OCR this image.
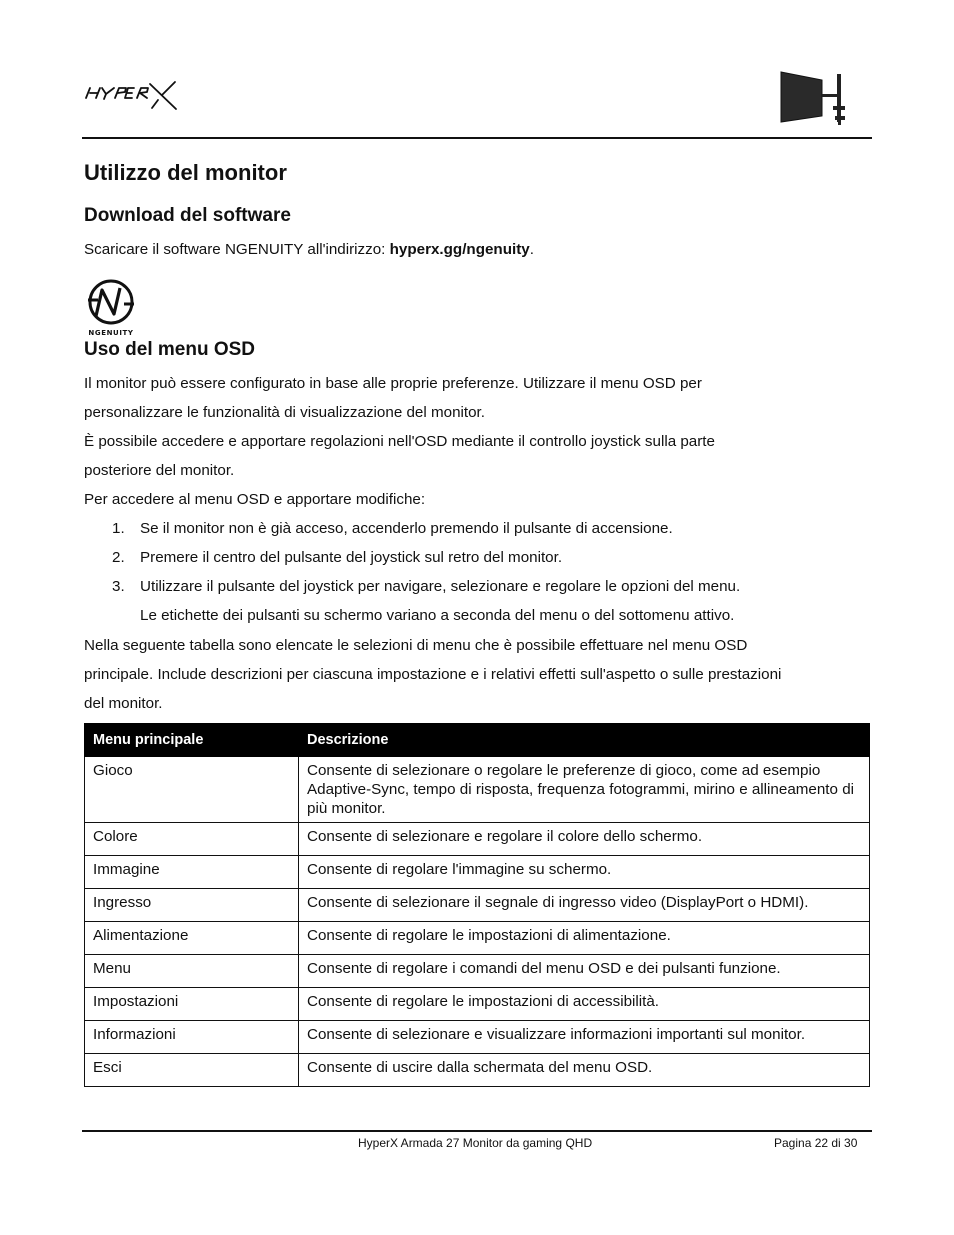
Utilizzo del monitor
Download del software

Scaricare il software NGENUITY all'indirizzo: hyperx.gg/ngenuity.

NGENUITY
Uso del menu OSD

Il monitor può essere configurato in base alle proprie preferenze. Utilizzare il menu OSD per
personalizzare le funzionalità di visualizzazione del monitor.
È possibile accedere e apportare regolazioni nell'OSD mediante il controllo joystick sulla parte
posteriore del monitor.
Per accedere al menu OSD e apportare modifiche:

1. Se il monitor non è già acceso, accenderlo premendo il pulsante di accensione.
2. Premere il centro del pulsante del joystick sul retro del monitor.
3. Utilizzare il pulsante del joystick per navigare, selezionare e regolare le opzioni del menu.
Le etichette dei pulsanti su schermo variano a seconda del menu o del sottomenu attivo.

Nella seguente tabella sono elencate le selezioni di menu che è possibile effettuare nel menu OSD
principale. Include descrizioni per ciascuna impostazione e i relativi effetti sull'aspetto o sulle prestazioni
del monitor.

Menu principale	Descrizione
Gioco	Consente di selezionare o regolare le preferenze di gioco, come ad esempio Adaptive-Sync, tempo di risposta, frequenza fotogrammi, mirino e allineamento di più monitor.
Colore	Consente di selezionare e regolare il colore dello schermo.
Immagine	Consente di regolare l'immagine su schermo.
Ingresso	Consente di selezionare il segnale di ingresso video (DisplayPort o HDMI).
Alimentazione	Consente di regolare le impostazioni di alimentazione.
Menu	Consente di regolare i comandi del menu OSD e dei pulsanti funzione.
Impostazioni	Consente di regolare le impostazioni di accessibilità.
Informazioni	Consente di selezionare e visualizzare informazioni importanti sul monitor.
Esci	Consente di uscire dalla schermata del menu OSD.
HyperX Armada 27 Monitor da gaming QHD	Pagina 22 di 30
